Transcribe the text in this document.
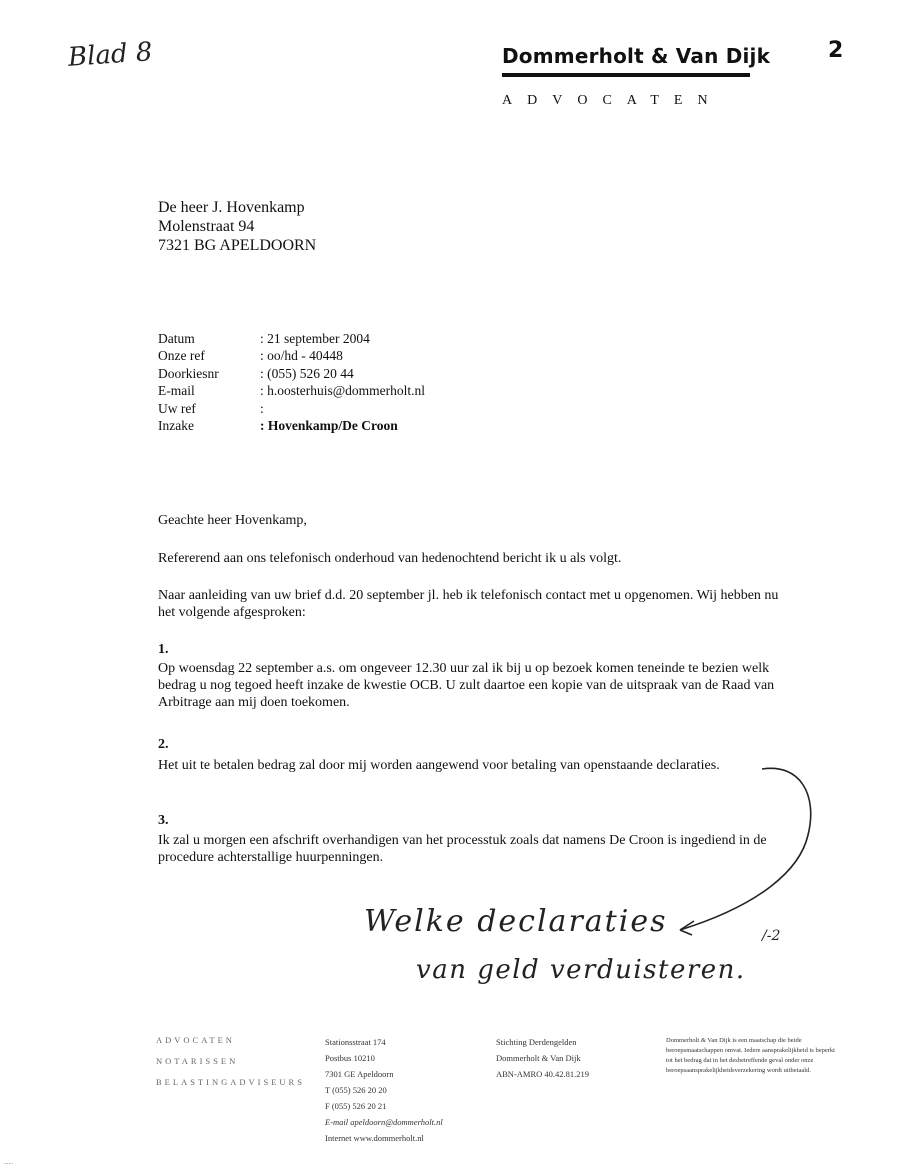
Blad 8	2
Dommerholt & Van Dijk
ADVOCATEN
De heer J. Hovenkamp
Molenstraat 94
7321 BG APELDOORN
Datum	: 21 september 2004
Onze ref	: oo/hd - 40448
Doorkiesnr	: (055) 526 20 44
E-mail	: h.oosterhuis@dommerholt.nl
Uw ref	:
Inzake	: Hovenkamp/De Croon
Geachte heer Hovenkamp,
Refererend aan ons telefonisch onderhoud van hedenochtend bericht ik u als volgt.
Naar aanleiding van uw brief d.d. 20 september jl. heb ik telefonisch contact met u opgenomen. Wij hebben nu het volgende afgesproken:
1.
Op woensdag 22 september a.s. om ongeveer 12.30 uur zal ik bij u op bezoek komen teneinde te bezien welk bedrag u nog tegoed heeft inzake de kwestie OCB. U zult daartoe een kopie van de uitspraak van de Raad van Arbitrage aan mij doen toekomen.
2.
Het uit te betalen bedrag zal door mij worden aangewend voor betaling van openstaande declaraties.
3.
Ik zal u morgen een afschrift overhandigen van het processtuk zoals dat namens De Croon is ingediend in de procedure achterstallige huurpenningen.
Welke declaraties
van geld verduisteren.
/-2
ADVOCATEN
NOTARISSEN
BELASTINGADVISEURS
Stationsstraat 174
Postbus 10210
7301 GE Apeldoorn
T (055) 526 20 20
F (055) 526 20 21
E-mail apeldoorn@dommerholt.nl
Internet www.dommerholt.nl
Stichting Derdengelden
Dommerholt & Van Dijk
ABN-AMRO 40.42.81.219
Dommerholt & Van Dijk is een maatschap die beide beroepsmaatschappen omvat. Iedere aansprakelijkheid is beperkt tot het bedrag dat in het desbetreffende geval onder onze beroepsaansprakelijkheidsverzekering wordt uitbetaald.
......
